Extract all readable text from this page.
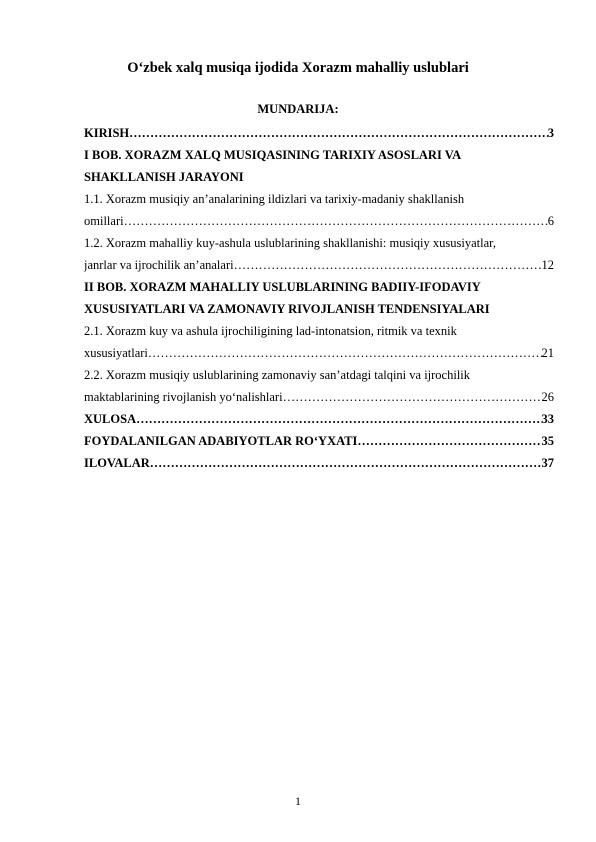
O‘zbek xalq musiqa ijodida Xorazm mahalliy uslublari
MUNDARIJA:
KIRISH ………………………………………………………………………………………………………………………………………………………………………………	3
I BOB. XORAZM XALQ MUSIQASINING TARIXIY ASOSLARI VA
SHAKLLANISH JARAYONI
1.1. Xorazm musiqiy an’analarining ildizlari va tarixiy-madaniy shakllanish
omillari ………………………………………………………………………………………………………………………………………………………………………………	6
1.2. Xorazm mahalliy kuy-ashula uslublarining shakllanishi: musiqiy xususiyatlar,
janrlar va ijrochilik an’analari ………………………………………………………………………………………………………………………………………………………………………………	12
II BOB. XORAZM MAHALLIY USLUBLARINING BADIIY-IFODAVIY
XUSUSIYATLARI VA ZAMONAVIY RIVOJLANISH TENDENSIYALARI
2.1. Xorazm kuy va ashula ijrochiligining lad-intonatsion, ritmik va texnik
xususiyatlari ………………………………………………………………………………………………………………………………………………………………………………	21
2.2. Xorazm musiqiy uslublarining zamonaviy san’atdagi talqini va ijrochilik
maktablarining rivojlanish yo‘nalishlari ………………………………………………………………………………………………………………………………………………………………………………	26
XULOSA ………………………………………………………………………………………………………………………………………………………………………………	33
FOYDALANILGAN ADABIYOTLAR RO‘YXATI ………………………………………………………………………………………………………………………………………………………………………………	35
ILOVALAR ………………………………………………………………………………………………………………………………………………………………………………	37
1
